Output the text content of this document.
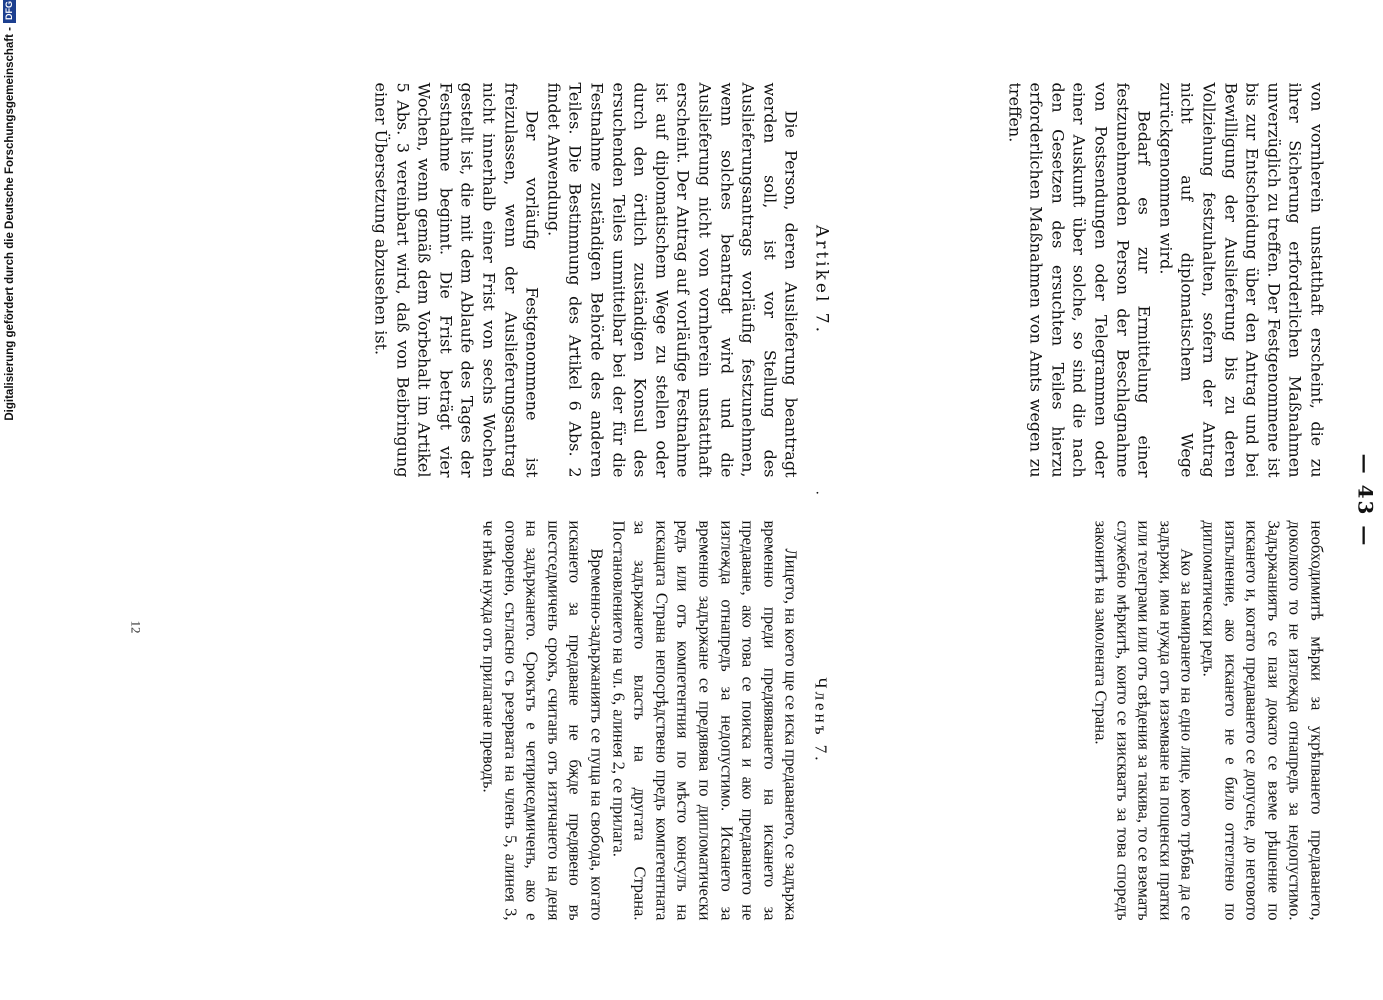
— 43 —

von vornherein unstatthaft erscheint, die zu ihrer Sicherung erforderlichen Maßnahmen unverzüglich zu treffen. Der Festgenommene ist bis zur Entscheidung über den Antrag und bei Bewilligung der Auslieferung bis zu deren Vollziehung festzuhalten, sofern der Antrag nicht auf diplomatischem Wege zurückgenommen wird.

Bedarf es zur Ermittelung einer festzunehmenden Person der Beschlagnahme von Postsendungen oder Telegrammen oder einer Auskunft über solche, so sind die nach den Gesetzen des ersuchten Teiles hierzu erforderlichen Maßnahmen von Amts wegen zu treffen.

необходимитѣ мѣрки за укрѣпването предаването, доколкото то не изглежда отнапредъ за недопустимо. Задържаниятъ се пази докато се вземе рѣшение по искането и, когато предаването се допусне, до неговото изпълнение, ако искането не е било оттеглено по дипломатически редъ.

Ако за намирането на едно лице, което трѣбва да се задържи, има нужда отъ изземване на пощенски пратки или телеграми или отъ свѣдения за такива, то се взематъ служебно мѣркитѣ, които се изискватъ за това споредъ законитѣ на замолената Страна.

.
Artikel 7.

Die Person, deren Auslieferung beantragt werden soll, ist vor Stellung des Auslieferungsantrags vorläufig festzunehmen, wenn solches beantragt wird und die Auslieferung nicht von vornherein unstatthaft erscheint. Der Antrag auf vorläufige Festnahme ist auf diplomatischem Wege zu stellen oder durch den örtlich zuständigen Konsul des ersuchenden Teiles unmittelbar bei der für die Festnahme zuständigen Behörde des anderen Teiles. Die Bestimmung des Artikel 6 Abs. 2 findet Anwendung.

Der vorläufig Festgenommene ist freizulassen, wenn der Auslieferungsantrag nicht innerhalb einer Frist von sechs Wochen gestellt ist, die mit dem Ablaufe des Tages der Festnahme beginnt. Die Frist beträgt vier Wochen, wenn gemäß dem Vorbehalt im Artikel 5 Abs. 3 vereinbart wird, daß von Beibringung einer Übersetzung abzusehen ist.

Членъ 7.

Лицето, на което ще се иска предаването, се задържа временно преди предявяването на искането за предаване, ако това се поиска и ако предаването не изглежда отнапредъ за недопустимо. Искането за временно задържане се предявява по дипломатически редъ или отъ компетентния по мѣсто консулъ на искащата Страна непосрѣдствено предъ компетентната за задържането власть на другата Страна. Постановлението на чл. 6, алинея 2, се прилага.

Временно-задържаниятъ се пуща на свобода, когато искането за предаване не бжде предявено въ шестседмиченъ срокъ, считанъ отъ изтичането на деня на задържането. Срокътъ е четириседмиченъ, ако е оговорено, съгласно съ резервата на членъ 5, алинея 3, че нѣма нужда отъ прилагане преводъ.

12
Digitalisierung gefördert durch die Deutsche Forschungsgemeinschaft -DFG
